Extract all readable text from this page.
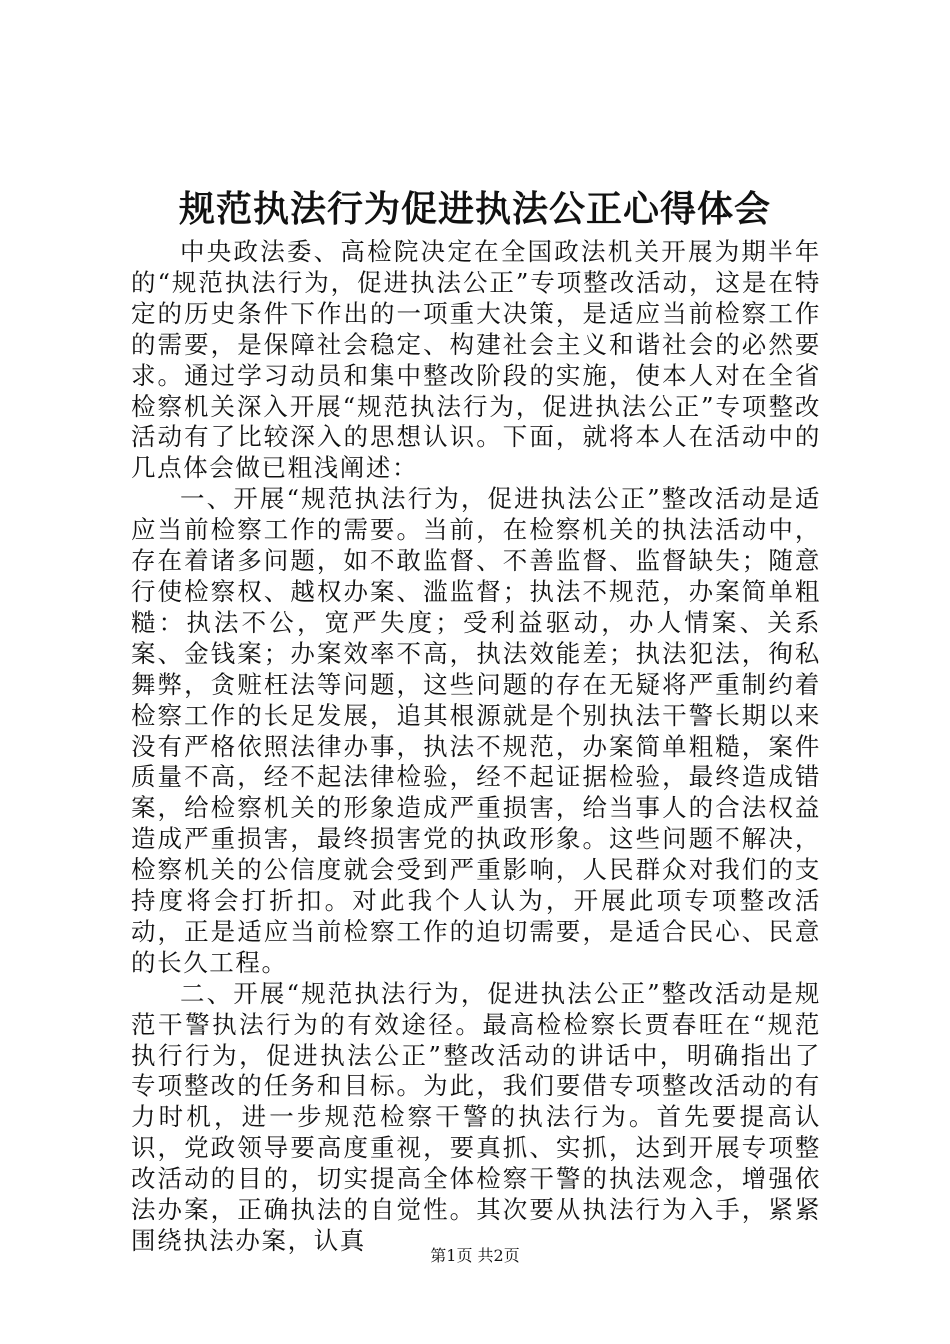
规范执法行为促进执法公正心得体会

中央政法委、高检院决定在全国政法机关开展为期半年的“规范执法行为，促进执法公正”专项整改活动，这是在特定的历史条件下作出的一项重大决策，是适应当前检察工作的需要，是保障社会稳定、构建社会主义和谐社会的必然要求。通过学习动员和集中整改阶段的实施，使本人对在全省检察机关深入开展“规范执法行为，促进执法公正”专项整改活动有了比较深入的思想认识。下面，就将本人在活动中的几点体会做已粗浅阐述：

一、开展“规范执法行为，促进执法公正”整改活动是适应当前检察工作的需要。当前，在检察机关的执法活动中，存在着诸多问题，如不敢监督、不善监督、监督缺失；随意行使检察权、越权办案、滥监督；执法不规范，办案简单粗糙：执法不公，宽严失度；受利益驱动，办人情案、关系案、金钱案；办案效率不高，执法效能差；执法犯法，徇私舞弊，贪赃枉法等问题，这些问题的存在无疑将严重制约着检察工作的长足发展，追其根源就是个别执法干警长期以来没有严格依照法律办事，执法不规范，办案简单粗糙，案件质量不高，经不起法律检验，经不起证据检验，最终造成错案，给检察机关的形象造成严重损害，给当事人的合法权益造成严重损害，最终损害党的执政形象。这些问题不解决，检察机关的公信度就会受到严重影响，人民群众对我们的支持度将会打折扣。对此我个人认为，开展此项专项整改活动，正是适应当前检察工作的迫切需要，是适合民心、民意的长久工程。

二、开展“规范执法行为，促进执法公正”整改活动是规范干警执法行为的有效途径。最高检检察长贾春旺在“规范执行行为，促进执法公正”整改活动的讲话中，明确指出了专项整改的任务和目标。为此，我们要借专项整改活动的有力时机，进一步规范检察干警的执法行为。首先要提高认识，党政领导要高度重视，要真抓、实抓，达到开展专项整改活动的目的，切实提高全体检察干警的执法观念，增强依法办案，正确执法的自觉性。其次要从执法行为入手，紧紧围绕执法办案，认真

第1页 共2页
